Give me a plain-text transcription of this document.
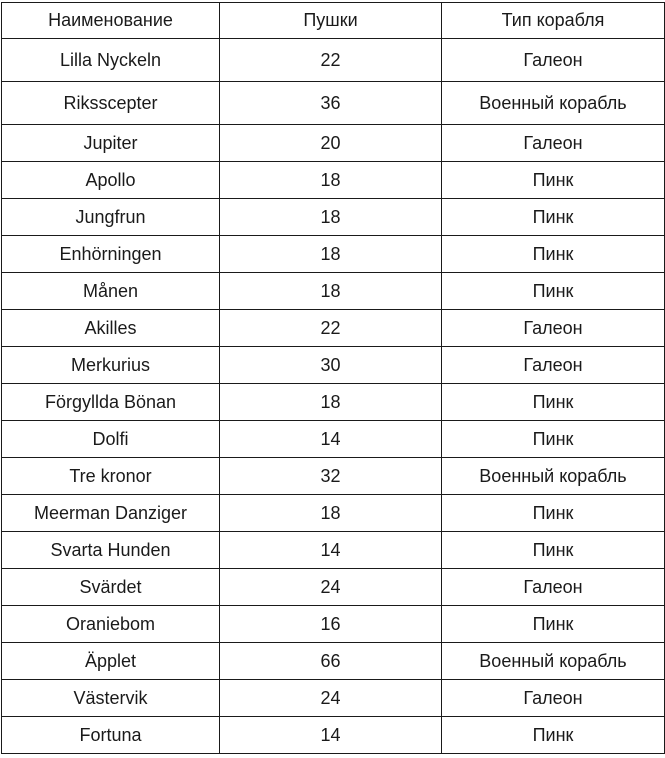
Наименование	Пушки	Тип корабля
Lilla Nyckeln	22	Галеон
Riksscepter	36	Военный корабль
Jupiter	20	Галеон
Apollo	18	Пинк
Jungfrun	18	Пинк
Enhörningen	18	Пинк
Månen	18	Пинк
Akilles	22	Галеон
Merkurius	30	Галеон
Förgyllda Bönan	18	Пинк
Dolfi	14	Пинк
Tre kronor	32	Военный корабль
Meerman Danziger	18	Пинк
Svarta Hunden	14	Пинк
Svärdet	24	Галеон
Oraniebom	16	Пинк
Äpplet	66	Военный корабль
Västervik	24	Галеон
Fortuna	14	Пинк
